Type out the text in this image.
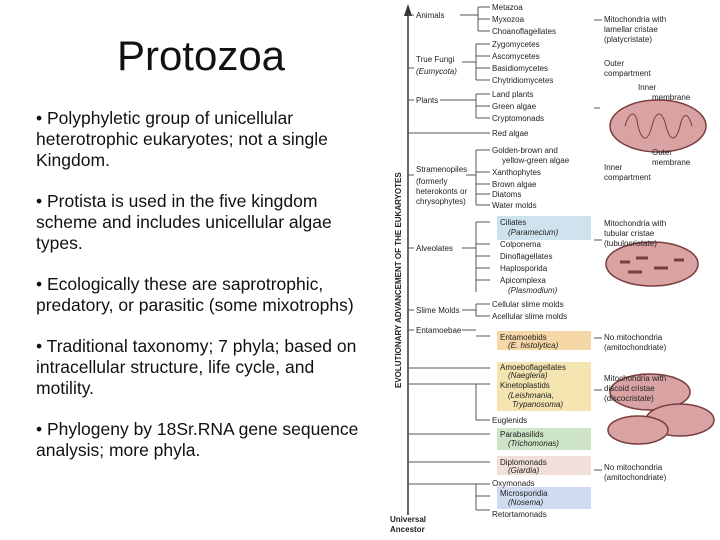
Protozoa
• Polyphyletic group of unicellular heterotrophic eukaryotes; not a single Kingdom.
• Protista is used in the five kingdom scheme and includes unicellular algae types.
• Ecologically these are saprotrophic, predatory, or parasitic (some mixotrophs)
• Traditional taxonomy; 7 phyla; based on intracellular structure, life cycle, and motility.
• Phylogeny by 18Sr.RNA gene sequence analysis; more phyla.
EVOLUTIONARY ADVANCEMENT OF THE EUKARYOTES
Universal
Ancestor
Animals
True Fungi
(Eumycota)
Plants
Stramenopiles
(formerly
heterokonts or
chrysophytes)
Alveolates
Slime Molds
Entamoebae
Metazoa
Myxozoa
Choanoflagellates
Zygomycetes
Ascomycetes
Basidiomycetes
Chytridiomycetes
Land plants
Green algae
Cryptomonads
Red algae
Golden-brown and
yellow-green algae
Xanthophytes
Brown algae
Diatoms
Water molds
Ciliates
(Paramecium)
Colponema
Dinoflagellates
Haplosporida
Apicomplexa
(Plasmodium)
Cellular slime molds
Acellular slime molds
Entamoebids
(E. histolytica)
Amoeboflagellates
(Naegleria)
Kinetoplastids
(Leishmania,
Trypanosoma)
Euglenids
Parabasilids
(Trichomonas)
Diplomonads
(Giardia)
Oxymonads
Microsporidia
(Nosema)
Retortamonads
Mitochondria with
lamellar cristae
(platycristate)
Outer
compartment
Inner
membrane
Outer
membrane
Inner
compartment
Mitochondria with
tubular cristae
(tubulocristate)
No mitochondria
(amitochondriate)
Mitochondria with
discoid cristae
(discocristate)
No mitochondria
(amitochondriate)
